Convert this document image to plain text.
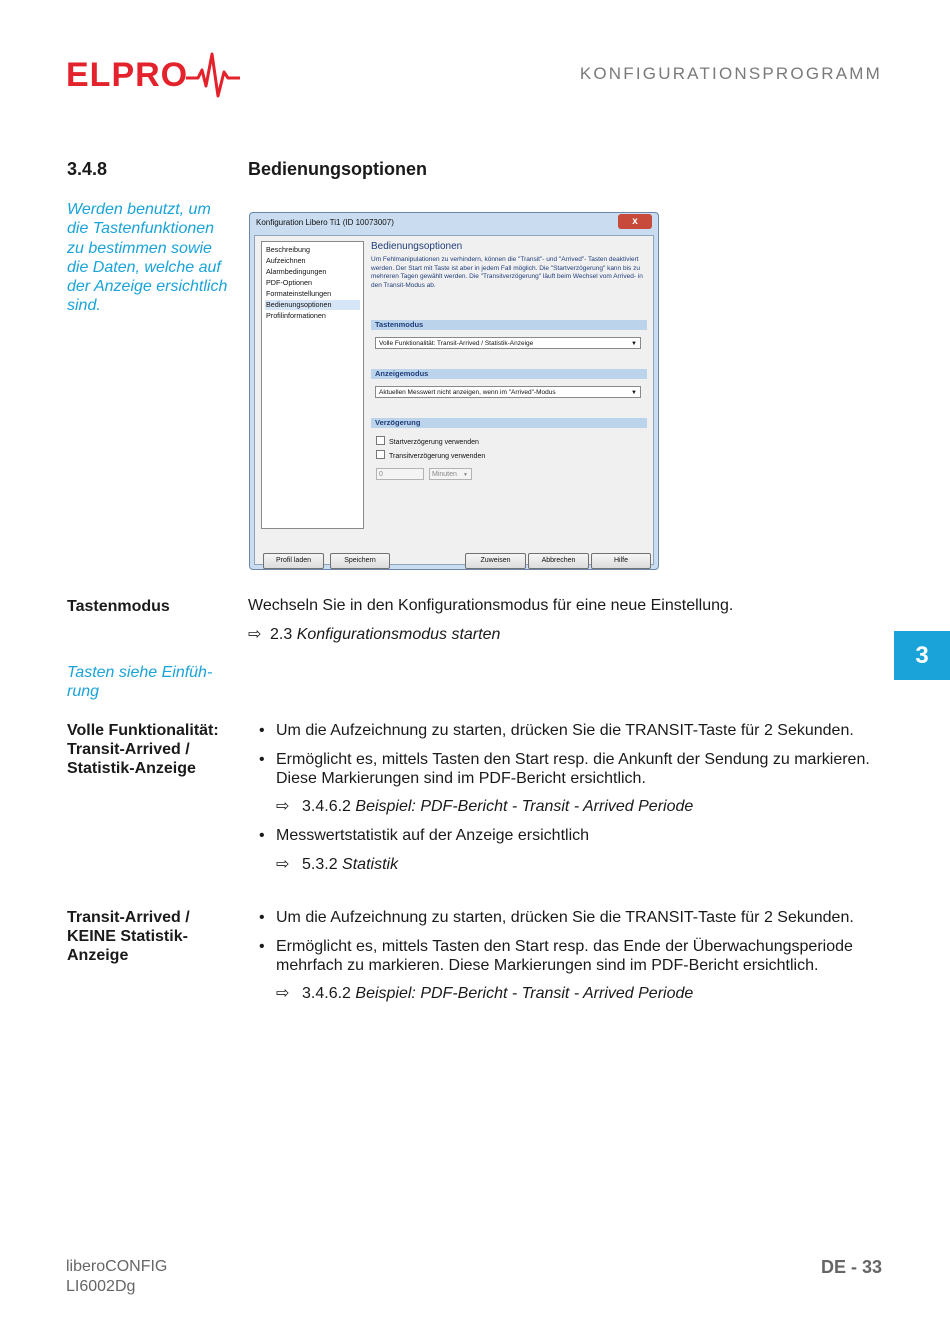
ELPRO	KONFIGURATIONSPROGRAMM
3.4.8	Bedienungsoptionen
Werden benutzt, um die Tastenfunktionen zu bestimmen sowie die Daten, welche auf der Anzeige ersichtlich sind.
Konfiguration Libero Ti1 (ID 10073007)	x
Beschreibung
Aufzeichnen
Alarmbedingungen
PDF-Optionen
Formateinstellungen
Bedienungsoptionen
Profilinformationen
Bedienungsoptionen
Um Fehlmanipulationen zu verhindern, können die "Transit"- und "Arrived"- Tasten deaktiviert werden. Der Start mit Taste ist aber in jedem Fall möglich. Die "Startverzögerung" kann bis zu mehreren Tagen gewählt werden. Die "Transitverzögerung" läuft beim Wechsel vom Arrived- in den Transit-Modus ab.
Tastenmodus
Volle Funktionalität: Transit-Arrived / Statistik-Anzeige	▼
Anzeigemodus
Aktuellen Messwert nicht anzeigen, wenn im "Arrived"-Modus	▼
Verzögerung
Startverzögerung verwenden
Transitverzögerung verwenden
0	Minuten ▼
Profil laden	Speichern	Zuweisen	Abbrechen	Hilfe
Tastenmodus	Wechseln Sie in den Konfigurationsmodus für eine neue Einstellung.
⇨ 2.3 Konfigurationsmodus starten
Tasten siehe Einfüh-rung
3
Volle Funktionalität:
Transit-Arrived /
Statistik-Anzeige
• Um die Aufzeichnung zu starten, drücken Sie die TRANSIT-Taste für 2 Sekunden.
• Ermöglicht es, mittels Tasten den Start resp. die Ankunft der Sendung zu markieren.
Diese Markierungen sind im PDF-Bericht ersichtlich.
⇨ 3.4.6.2 Beispiel: PDF-Bericht - Transit - Arrived Periode
• Messwertstatistik auf der Anzeige ersichtlich
⇨ 5.3.2 Statistik
Transit-Arrived /
KEINE Statistik-
Anzeige
• Um die Aufzeichnung zu starten, drücken Sie die TRANSIT-Taste für 2 Sekunden.
• Ermöglicht es, mittels Tasten den Start resp. das Ende der Überwachungsperiode
mehrfach zu markieren. Diese Markierungen sind im PDF-Bericht ersichtlich.
⇨ 3.4.6.2 Beispiel: PDF-Bericht - Transit - Arrived Periode
liberoCONFIG
LI6002Dg
DE - 33
